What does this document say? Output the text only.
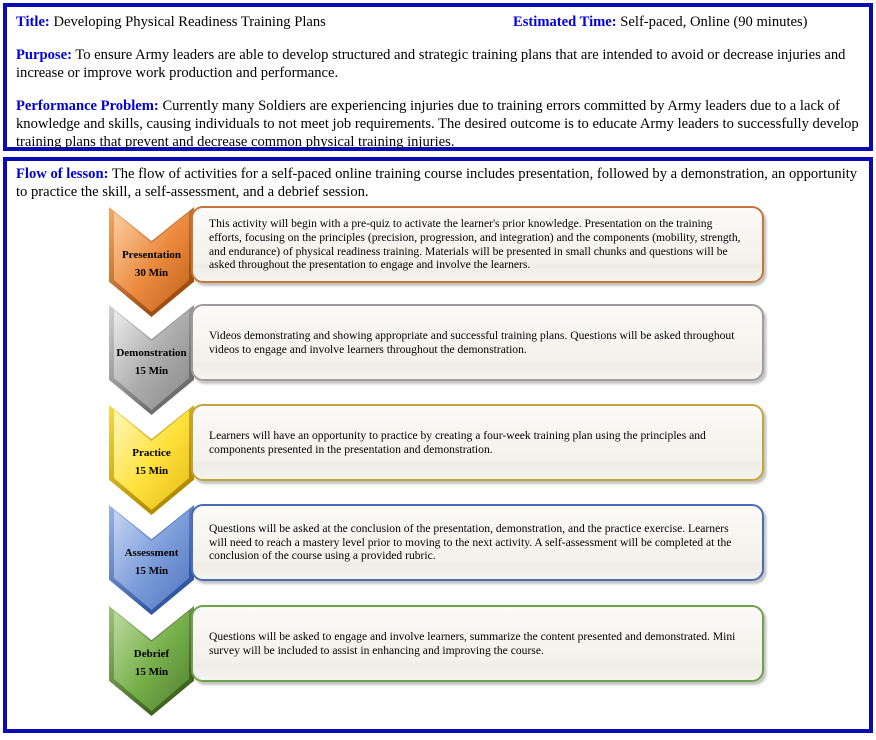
Title: Developing Physical Readiness Training Plans	Estimated Time: Self-paced, Online (90 minutes)

Purpose: To ensure Army leaders are able to develop structured and strategic training plans that are intended to avoid or decrease injuries and increase or improve work production and performance.

Performance Problem: Currently many Soldiers are experiencing injuries due to training errors committed by Army leaders due to a lack of knowledge and skills, causing individuals to not meet job requirements. The desired outcome is to educate Army leaders to successfully develop training plans that prevent and decrease common physical training injuries.

Flow of lesson: The flow of activities for a self-paced online training course includes presentation, followed by a demonstration, an opportunity to practice the skill, a self-assessment, and a debrief session.

Presentation
30 Min

This activity will begin with a pre-quiz to activate the learner's prior knowledge. Presentation on the training efforts, focusing on the principles (precision, progression, and integration) and the components (mobility, strength, and endurance) of physical readiness training. Materials will be presented in small chunks and questions will be asked throughout the presentation to engage and involve the learners.

Demonstration
15 Min

Videos demonstrating and showing appropriate and successful training plans. Questions will be asked throughout videos to engage and involve learners throughout the demonstration.

Practice
15 Min

Learners will have an opportunity to practice by creating a four-week training plan using the principles and components presented in the presentation and demonstration.

Assessment
15 Min

Questions will be asked at the conclusion of the presentation, demonstration, and the practice exercise. Learners will need to reach a mastery level prior to moving to the next activity. A self-assessment will be completed at the conclusion of the course using a provided rubric.

Debrief
15 Min

Questions will be asked to engage and involve learners, summarize the content presented and demonstrated. Mini survey will be included to assist in enhancing and improving the course.
